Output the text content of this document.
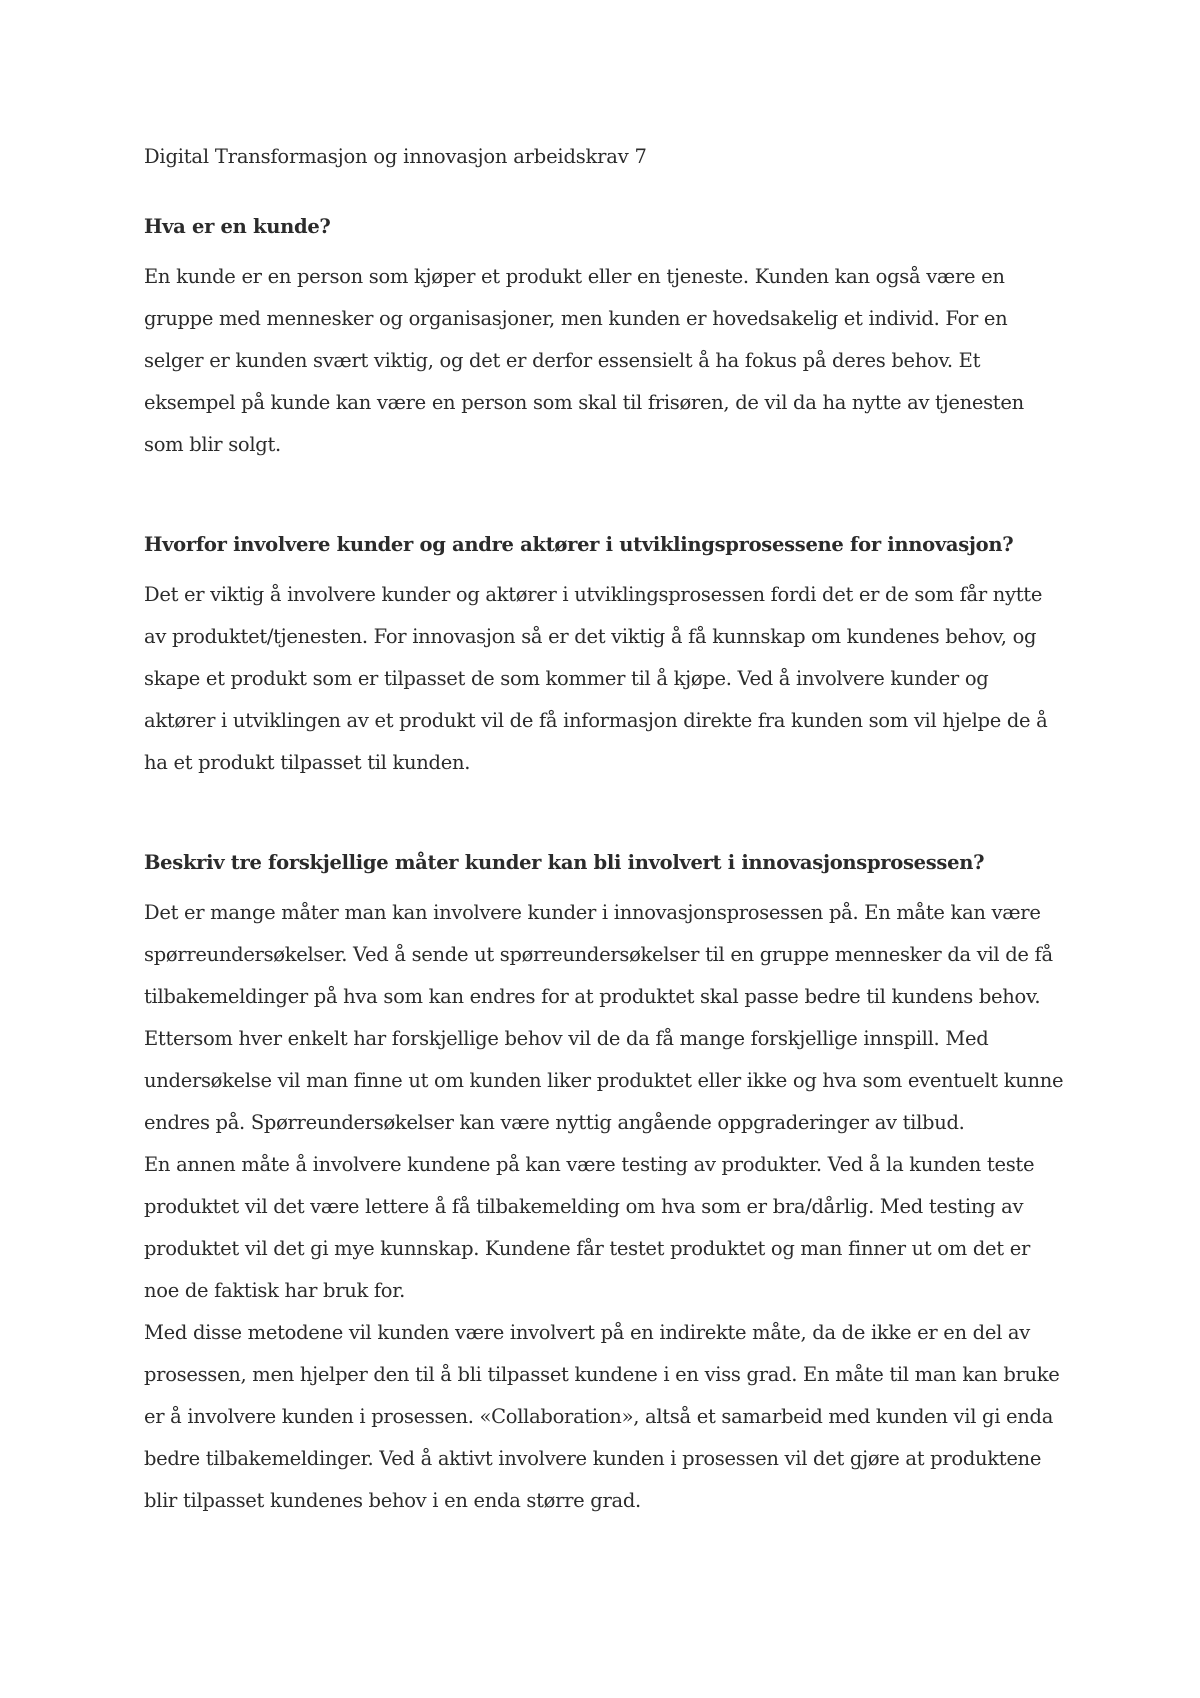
Digital Transformasjon og innovasjon arbeidskrav 7

Hva er en kunde?

En kunde er en person som kjøper et produkt eller en tjeneste. Kunden kan også være en gruppe med mennesker og organisasjoner, men kunden er hovedsakelig et individ. For en selger er kunden svært viktig, og det er derfor essensielt å ha fokus på deres behov. Et eksempel på kunde kan være en person som skal til frisøren, de vil da ha nytte av tjenesten som blir solgt.

Hvorfor involvere kunder og andre aktører i utviklingsprosessene for innovasjon?

Det er viktig å involvere kunder og aktører i utviklingsprosessen fordi det er de som får nytte av produktet/tjenesten. For innovasjon så er det viktig å få kunnskap om kundenes behov, og skape et produkt som er tilpasset de som kommer til å kjøpe. Ved å involvere kunder og aktører i utviklingen av et produkt vil de få informasjon direkte fra kunden som vil hjelpe de å ha et produkt tilpasset til kunden.

Beskriv tre forskjellige måter kunder kan bli involvert i innovasjonsprosessen?

Det er mange måter man kan involvere kunder i innovasjonsprosessen på. En måte kan være spørreundersøkelser. Ved å sende ut spørreundersøkelser til en gruppe mennesker da vil de få tilbakemeldinger på hva som kan endres for at produktet skal passe bedre til kundens behov. Ettersom hver enkelt har forskjellige behov vil de da få mange forskjellige innspill. Med undersøkelse vil man finne ut om kunden liker produktet eller ikke og hva som eventuelt kunne endres på. Spørreundersøkelser kan være nyttig angående oppgraderinger av tilbud.

En annen måte å involvere kundene på kan være testing av produkter. Ved å la kunden teste produktet vil det være lettere å få tilbakemelding om hva som er bra/dårlig. Med testing av produktet vil det gi mye kunnskap. Kundene får testet produktet og man finner ut om det er noe de faktisk har bruk for.

Med disse metodene vil kunden være involvert på en indirekte måte, da de ikke er en del av prosessen, men hjelper den til å bli tilpasset kundene i en viss grad. En måte til man kan bruke er å involvere kunden i prosessen. «Collaboration», altså et samarbeid med kunden vil gi enda bedre tilbakemeldinger. Ved å aktivt involvere kunden i prosessen vil det gjøre at produktene blir tilpasset kundenes behov i en enda større grad.
